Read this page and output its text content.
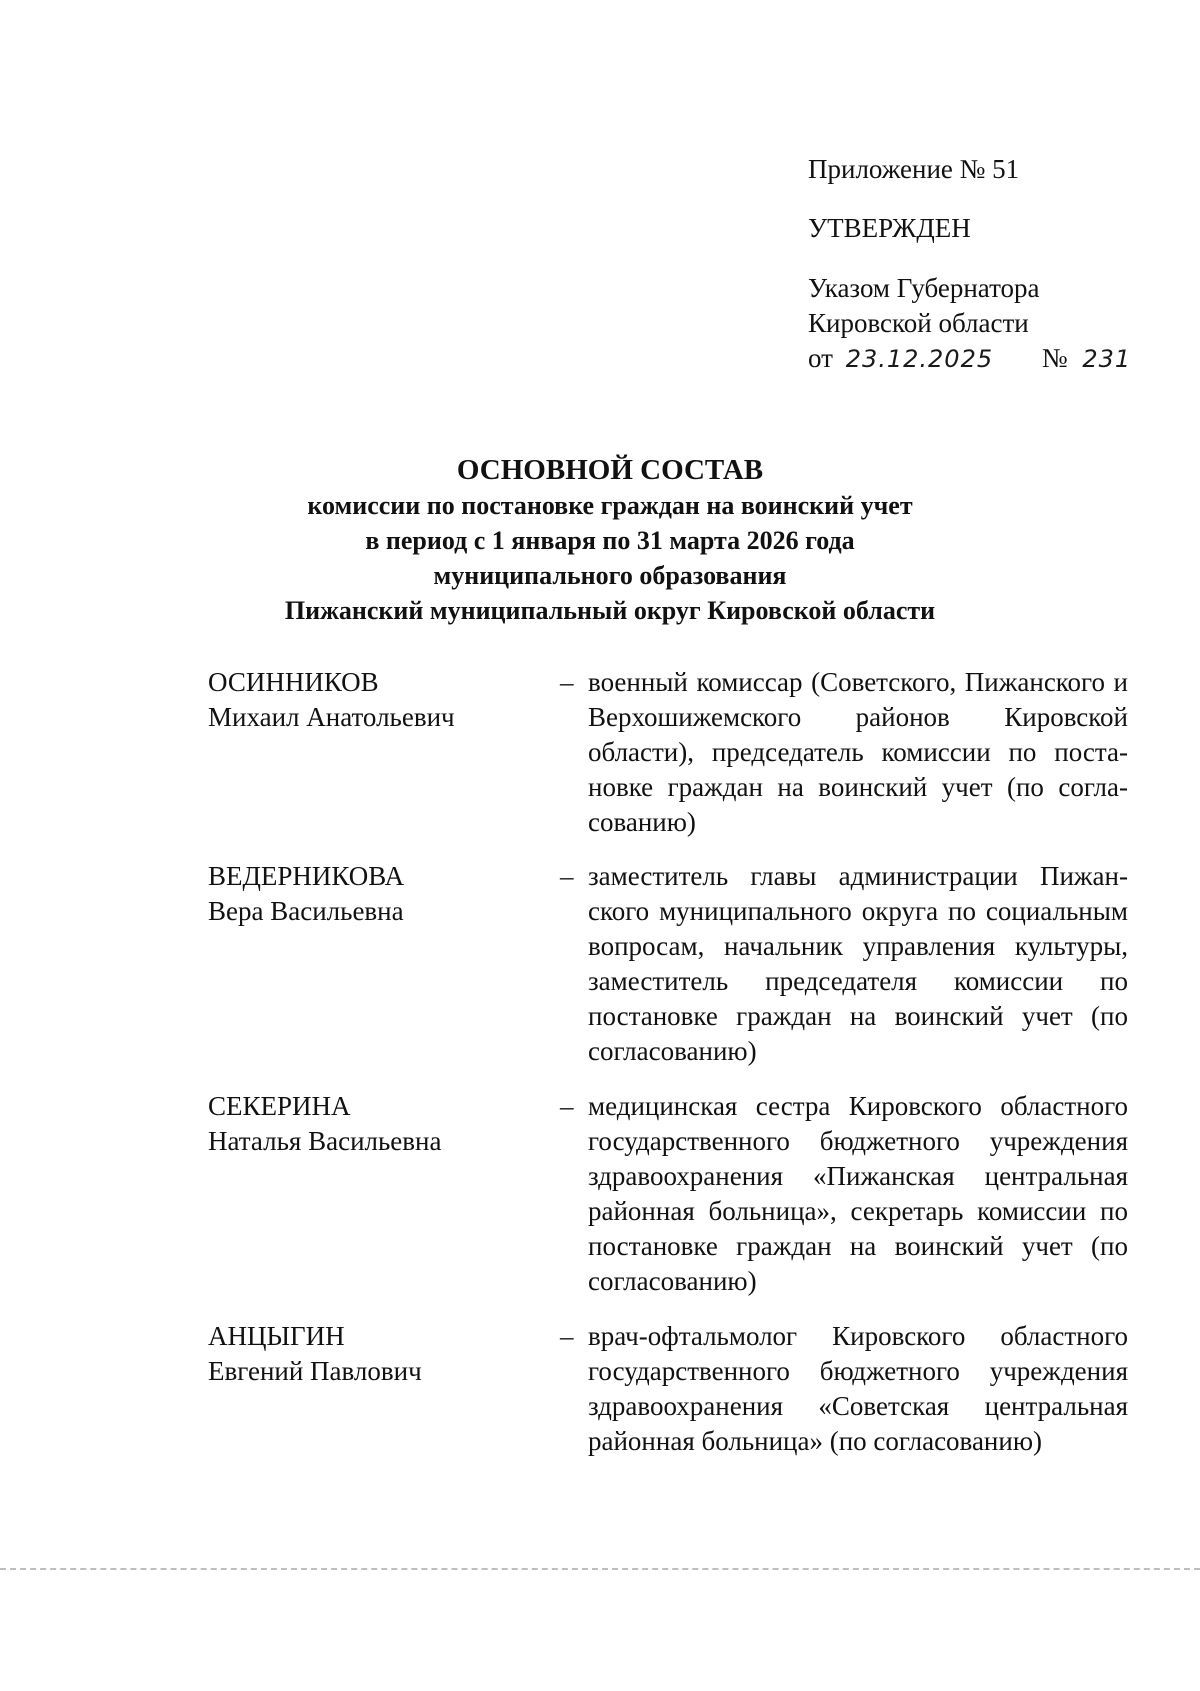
Приложение № 51
УТВЕРЖДЕН
Указом Губернатора
Кировской области
от 23.12.2025 № 231
ОСНОВНОЙ СОСТАВ
комиссии по постановке граждан на воинский учет
в период с 1 января по 31 марта 2026 года
муниципального образования
Пижанский муниципальный округ Кировской области
ОСИННИКОВ
Михаил Анатольевич
– военный комиссар (Советского, Пижанского и Верхошижемского районов Кировской области), председатель комиссии по постановке граждан на воинский учет (по согласованию)
ВЕДЕРНИКОВА
Вера Васильевна
– заместитель главы администрации Пижанского муниципального округа по социальным вопросам, начальник управления культуры, заместитель председателя комиссии по постановке граждан на воинский учет (по согласованию)
СЕКЕРИНА
Наталья Васильевна
– медицинская сестра Кировского областного государственного бюджетного учреждения здравоохранения «Пижанская центральная районная больница», секретарь комиссии по постановке граждан на воинский учет (по согласованию)
АНЦЫГИН
Евгений Павлович
– врач-офтальмолог Кировского областного государственного бюджетного учреждения здравоохранения «Советская центральная районная больница» (по согласованию)
